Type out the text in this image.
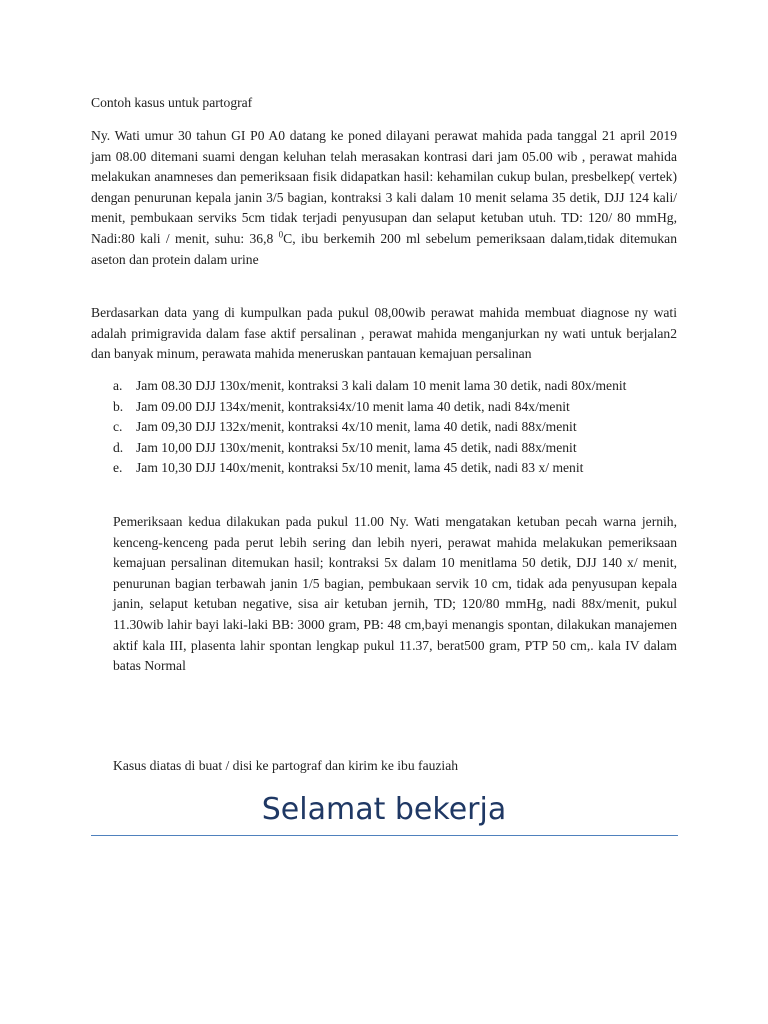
Contoh kasus untuk partograf

Ny. Wati umur 30 tahun GI P0 A0 datang ke poned dilayani perawat mahida pada tanggal 21 april 2019 jam 08.00 ditemani suami dengan keluhan telah merasakan kontrasi dari jam 05.00 wib , perawat mahida melakukan anamneses dan pemeriksaan fisik didapatkan hasil: kehamilan cukup bulan, presbelkep( vertek) dengan penurunan kepala janin 3/5 bagian, kontraksi 3 kali dalam 10 menit selama 35 detik, DJJ 124 kali/ menit, pembukaan serviks 5cm tidak terjadi penyusupan dan selaput ketuban utuh. TD: 120/ 80 mmHg, Nadi:80 kali / menit, suhu: 36,8 $^0$C, ibu berkemih 200 ml sebelum pemeriksaan dalam,tidak ditemukan aseton dan protein dalam urine

Berdasarkan data yang di kumpulkan pada pukul 08,00wib perawat mahida membuat diagnose ny wati adalah primigravida dalam fase aktif persalinan , perawat mahida menganjurkan ny wati untuk berjalan2 dan banyak minum, perawata mahida meneruskan pantauan kemajuan persalinan

a. Jam 08.30 DJJ 130x/menit, kontraksi 3 kali dalam 10 menit lama 30 detik, nadi 80x/menit
b. Jam 09.00 DJJ 134x/menit, kontraksi4x/10 menit lama 40 detik, nadi 84x/menit
c. Jam 09,30 DJJ 132x/menit, kontraksi 4x/10 menit, lama 40 detik, nadi 88x/menit
d. Jam 10,00 DJJ 130x/menit, kontraksi 5x/10 menit, lama 45 detik, nadi 88x/menit
e. Jam 10,30 DJJ 140x/menit, kontraksi 5x/10 menit, lama 45 detik, nadi 83 x/ menit

Pemeriksaan kedua dilakukan pada pukul 11.00 Ny. Wati mengatakan ketuban pecah warna jernih, kenceng-kenceng pada perut lebih sering dan lebih nyeri, perawat mahida melakukan pemeriksaan kemajuan persalinan ditemukan hasil; kontraksi 5x dalam 10 menitlama 50 detik, DJJ 140 x/ menit, penurunan bagian terbawah janin 1/5 bagian, pembukaan servik 10 cm, tidak ada penyusupan kepala janin, selaput ketuban negative, sisa air ketuban jernih, TD; 120/80 mmHg, nadi 88x/menit, pukul 11.30wib lahir bayi laki-laki BB: 3000 gram, PB: 48 cm,bayi menangis spontan, dilakukan manajemen aktif kala III, plasenta lahir spontan lengkap pukul 11.37, berat500 gram, PTP 50 cm,. kala IV dalam batas Normal

Kasus diatas di buat / disi ke partograf dan kirim ke ibu fauziah

Selamat bekerja
